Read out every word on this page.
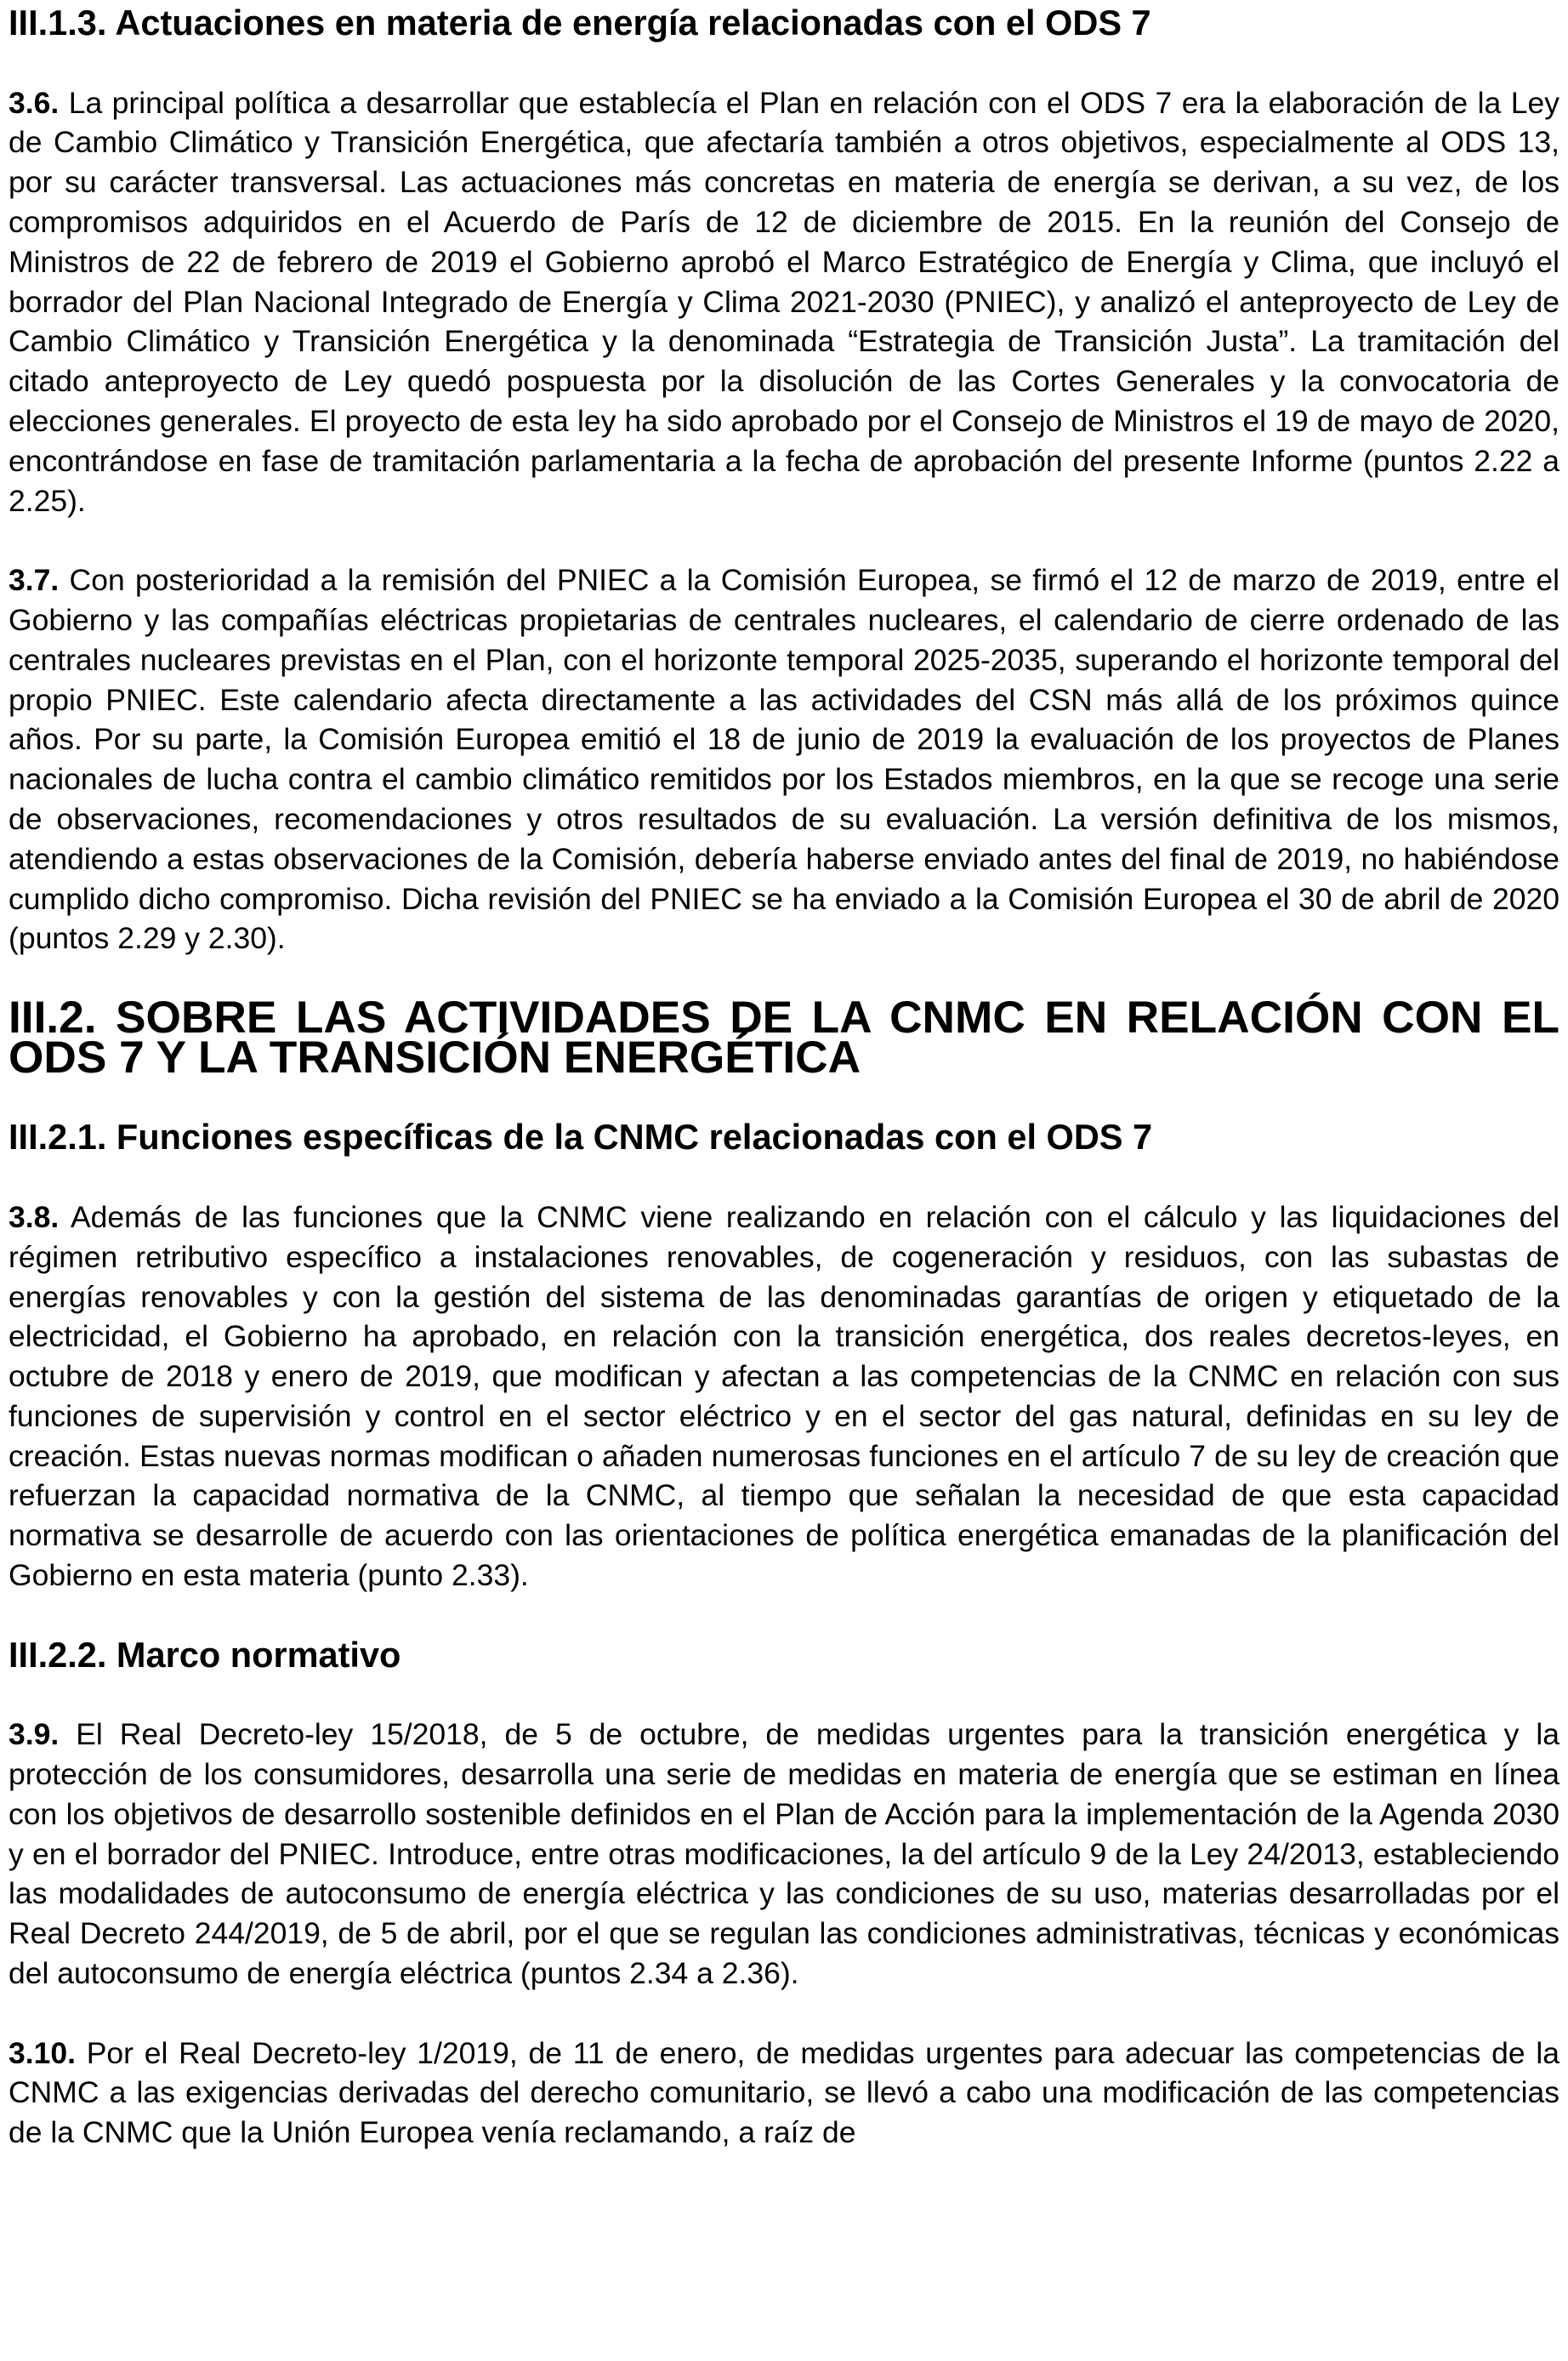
III.1.3. Actuaciones en materia de energía relacionadas con el ODS 7

3.6. La principal política a desarrollar que establecía el Plan en relación con el ODS 7 era la elaboración de la Ley de Cambio Climático y Transición Energética, que afectaría también a otros objetivos, especialmente al ODS 13, por su carácter transversal. Las actuaciones más concretas en materia de energía se derivan, a su vez, de los compromisos adquiridos en el Acuerdo de París de 12 de diciembre de 2015. En la reunión del Consejo de Ministros de 22 de febrero de 2019 el Gobierno aprobó el Marco Estratégico de Energía y Clima, que incluyó el borrador del Plan Nacional Integrado de Energía y Clima 2021-2030 (PNIEC), y analizó el anteproyecto de Ley de Cambio Climático y Transición Energética y la denominada “Estrategia de Transición Justa”. La tramitación del citado anteproyecto de Ley quedó pospuesta por la disolución de las Cortes Generales y la convocatoria de elecciones generales. El proyecto de esta ley ha sido aprobado por el Consejo de Ministros el 19 de mayo de 2020, encontrándose en fase de tramitación parlamentaria a la fecha de aprobación del presente Informe (puntos 2.22 a 2.25).

3.7. Con posterioridad a la remisión del PNIEC a la Comisión Europea, se firmó el 12 de marzo de 2019, entre el Gobierno y las compañías eléctricas propietarias de centrales nucleares, el calendario de cierre ordenado de las centrales nucleares previstas en el Plan, con el horizonte temporal 2025-2035, superando el horizonte temporal del propio PNIEC. Este calendario afecta directamente a las actividades del CSN más allá de los próximos quince años. Por su parte, la Comisión Europea emitió el 18 de junio de 2019 la evaluación de los proyectos de Planes nacionales de lucha contra el cambio climático remitidos por los Estados miembros, en la que se recoge una serie de observaciones, recomendaciones y otros resultados de su evaluación. La versión definitiva de los mismos, atendiendo a estas observaciones de la Comisión, debería haberse enviado antes del final de 2019, no habiéndose cumplido dicho compromiso. Dicha revisión del PNIEC se ha enviado a la Comisión Europea el 30 de abril de 2020 (puntos 2.29 y 2.30).

III.2. SOBRE LAS ACTIVIDADES DE LA CNMC EN RELACIÓN CON EL ODS 7 Y LA TRANSICIÓN ENERGÉTICA
III.2.1. Funciones específicas de la CNMC relacionadas con el ODS 7

3.8. Además de las funciones que la CNMC viene realizando en relación con el cálculo y las liquidaciones del régimen retributivo específico a instalaciones renovables, de cogeneración y residuos, con las subastas de energías renovables y con la gestión del sistema de las denominadas garantías de origen y etiquetado de la electricidad, el Gobierno ha aprobado, en relación con la transición energética, dos reales decretos-leyes, en octubre de 2018 y enero de 2019, que modifican y afectan a las competencias de la CNMC en relación con sus funciones de supervisión y control en el sector eléctrico y en el sector del gas natural, definidas en su ley de creación. Estas nuevas normas modifican o añaden numerosas funciones en el artículo 7 de su ley de creación que refuerzan la capacidad normativa de la CNMC, al tiempo que señalan la necesidad de que esta capacidad normativa se desarrolle de acuerdo con las orientaciones de política energética emanadas de la planificación del Gobierno en esta materia (punto 2.33).

III.2.2. Marco normativo

3.9. El Real Decreto-ley 15/2018, de 5 de octubre, de medidas urgentes para la transición energética y la protección de los consumidores, desarrolla una serie de medidas en materia de energía que se estiman en línea con los objetivos de desarrollo sostenible definidos en el Plan de Acción para la implementación de la Agenda 2030 y en el borrador del PNIEC. Introduce, entre otras modificaciones, la del artículo 9 de la Ley 24/2013, estableciendo las modalidades de autoconsumo de energía eléctrica y las condiciones de su uso, materias desarrolladas por el Real Decreto 244/2019, de 5 de abril, por el que se regulan las condiciones administrativas, técnicas y económicas del autoconsumo de energía eléctrica (puntos 2.34 a 2.36).

3.10. Por el Real Decreto-ley 1/2019, de 11 de enero, de medidas urgentes para adecuar las competencias de la CNMC a las exigencias derivadas del derecho comunitario, se llevó a cabo una modificación de las competencias de la CNMC que la Unión Europea venía reclamando, a raíz de
